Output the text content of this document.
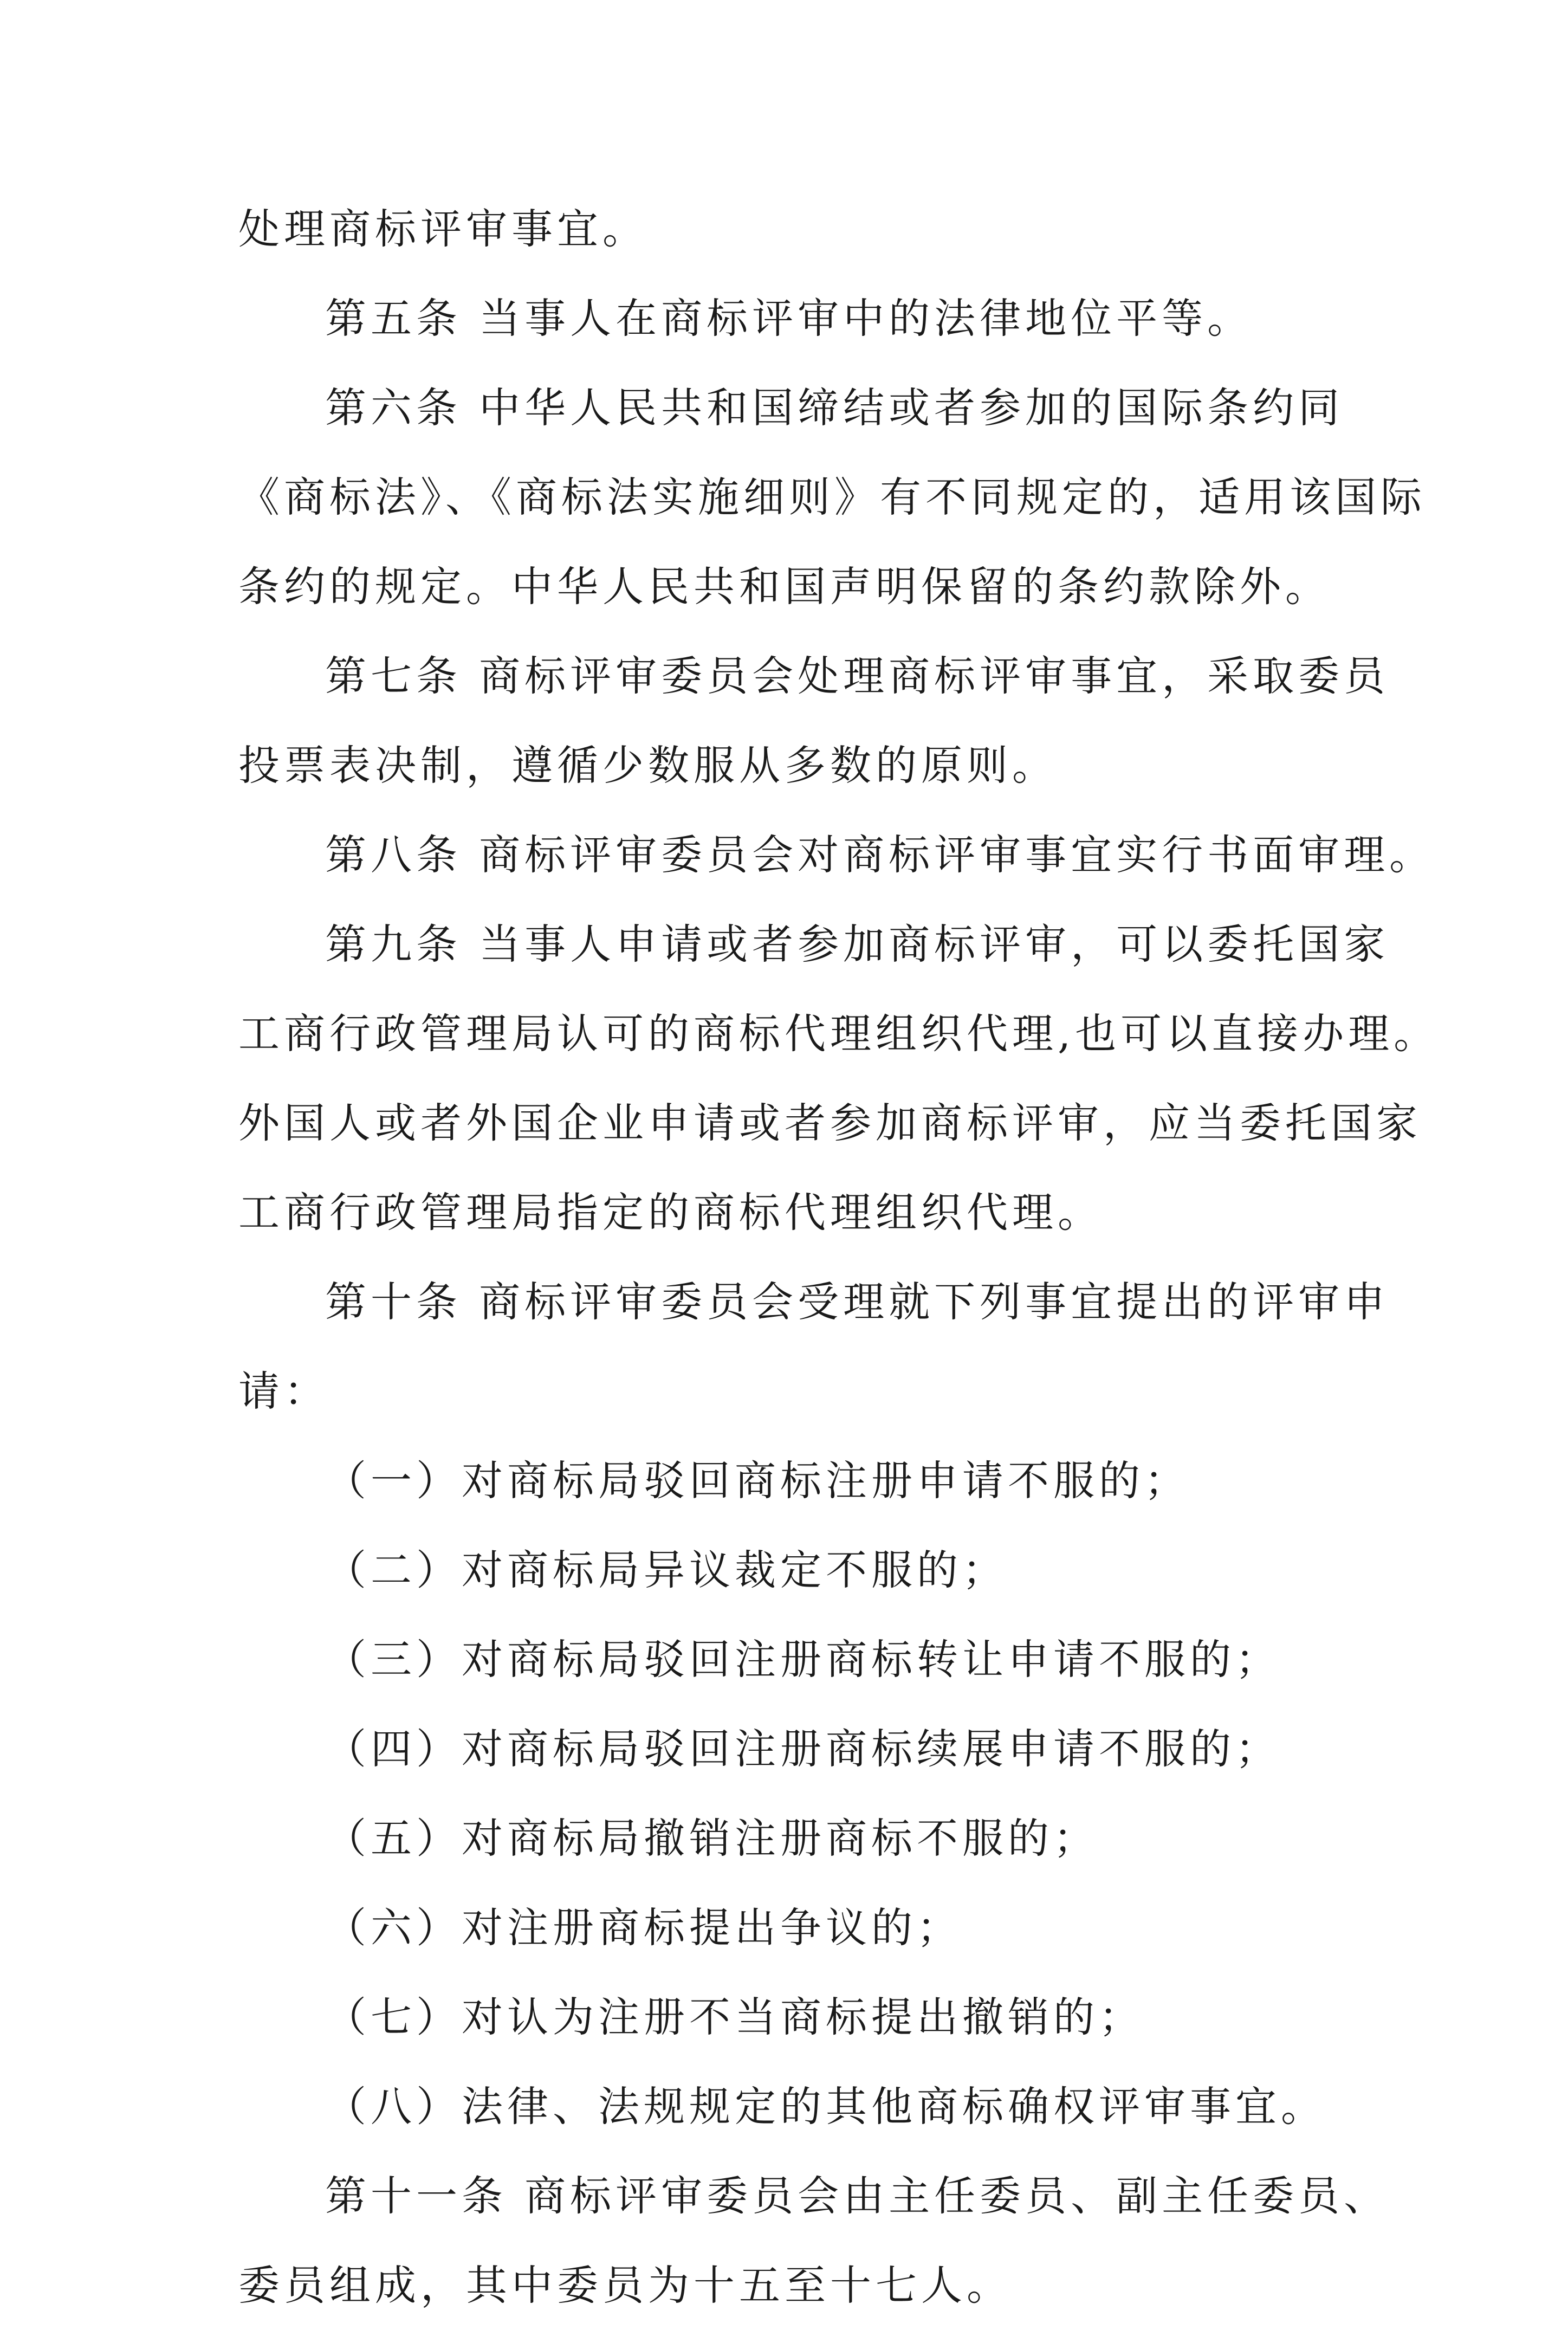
处理商标评审事宜。
第五条 当事人在商标评审中的法律地位平等。
第六条 中华人民共和国缔结或者参加的国际条约同
《商标法》、《商标法实施细则》有不同规定的，适用该国际
条约的规定。中华人民共和国声明保留的条约款除外。
第七条 商标评审委员会处理商标评审事宜，采取委员
投票表决制，遵循少数服从多数的原则。
第八条 商标评审委员会对商标评审事宜实行书面审理。
第九条 当事人申请或者参加商标评审，可以委托国家
工商行政管理局认可的商标代理组织代理,也可以直接办理。
外国人或者外国企业申请或者参加商标评审，应当委托国家
工商行政管理局指定的商标代理组织代理。
第十条 商标评审委员会受理就下列事宜提出的评审申
请：
（一）对商标局驳回商标注册申请不服的；
（二）对商标局异议裁定不服的；
（三）对商标局驳回注册商标转让申请不服的；
（四）对商标局驳回注册商标续展申请不服的；
（五）对商标局撤销注册商标不服的；
（六）对注册商标提出争议的；
（七）对认为注册不当商标提出撤销的；
（八）法律、法规规定的其他商标确权评审事宜。
第十一条 商标评审委员会由主任委员、副主任委员、
委员组成，其中委员为十五至十七人。
